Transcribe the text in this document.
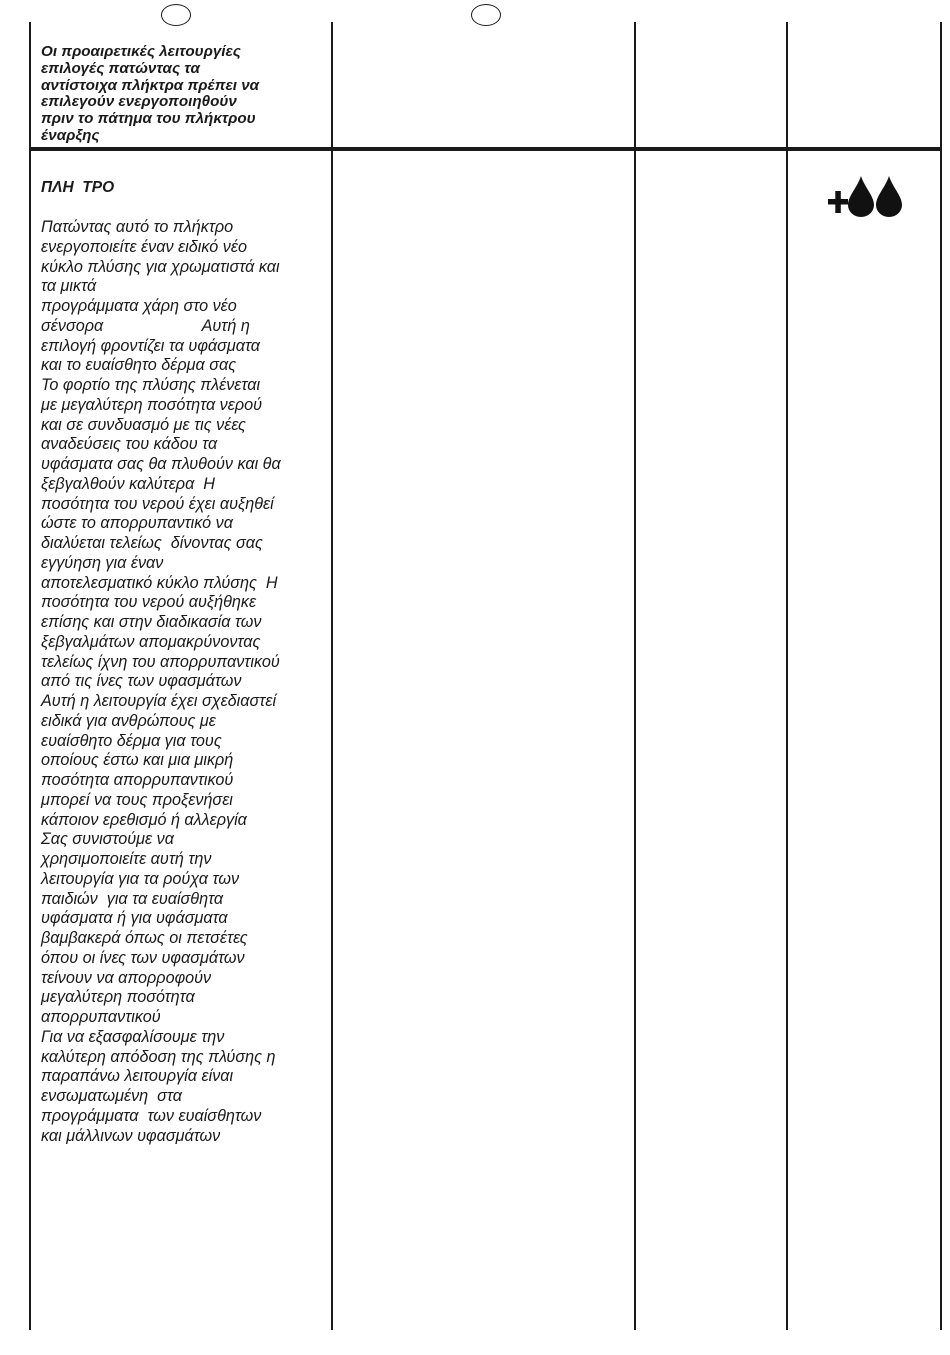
Οι προαιρετικές λειτουργίες
επιλογές πατώντας τα
αντίστοιχα πλήκτρα πρέπει να
επιλεγούν ενεργοποιηθούν
πριν το πάτημα του πλήκτρου
έναρξης
ΠΛΗ  ΤΡΟ
Πατώντας αυτό το πλήκτρο
ενεργοποιείτε έναν ειδικό νέο
κύκλο πλύσης για χρωματιστά και
τα μικτά
προγράμματα χάρη στο νέο
σένσορα                      Αυτή η
επιλογή φροντίζει τα υφάσματα
και το ευαίσθητο δέρμα σας
Το φορτίο της πλύσης πλένεται
με μεγαλύτερη ποσότητα νερού
και σε συνδυασμό με τις νέες
αναδεύσεις του κάδου τα
υφάσματα σας θα πλυθούν και θα
ξεβγαλθούν καλύτερα  Η
ποσότητα του νερού έχει αυξηθεί
ώστε το απορρυπαντικό να
διαλύεται τελείως  δίνοντας σας
εγγύηση για έναν
αποτελεσματικό κύκλο πλύσης  Η
ποσότητα του νερού αυξήθηκε
επίσης και στην διαδικασία των
ξεβγαλμάτων απομακρύνοντας
τελείως ίχνη του απορρυπαντικού
από τις ίνες των υφασμάτων
Αυτή η λειτουργία έχει σχεδιαστεί
ειδικά για ανθρώπους με
ευαίσθητο δέρμα για τους
οποίους έστω και μια μικρή
ποσότητα απορρυπαντικού
μπορεί να τους προξενήσει
κάποιον ερεθισμό ή αλλεργία
Σας συνιστούμε να
χρησιμοποιείτε αυτή την
λειτουργία για τα ρούχα των
παιδιών  για τα ευαίσθητα
υφάσματα ή για υφάσματα
βαμβακερά όπως οι πετσέτες
όπου οι ίνες των υφασμάτων
τείνουν να απορροφούν
μεγαλύτερη ποσότητα
απορρυπαντικού
Για να εξασφαλίσουμε την
καλύτερη απόδοση της πλύσης η
παραπάνω λειτουργία είναι
ενσωματωμένη  στα
προγράμματα  των ευαίσθητων
και μάλλινων υφασμάτων
